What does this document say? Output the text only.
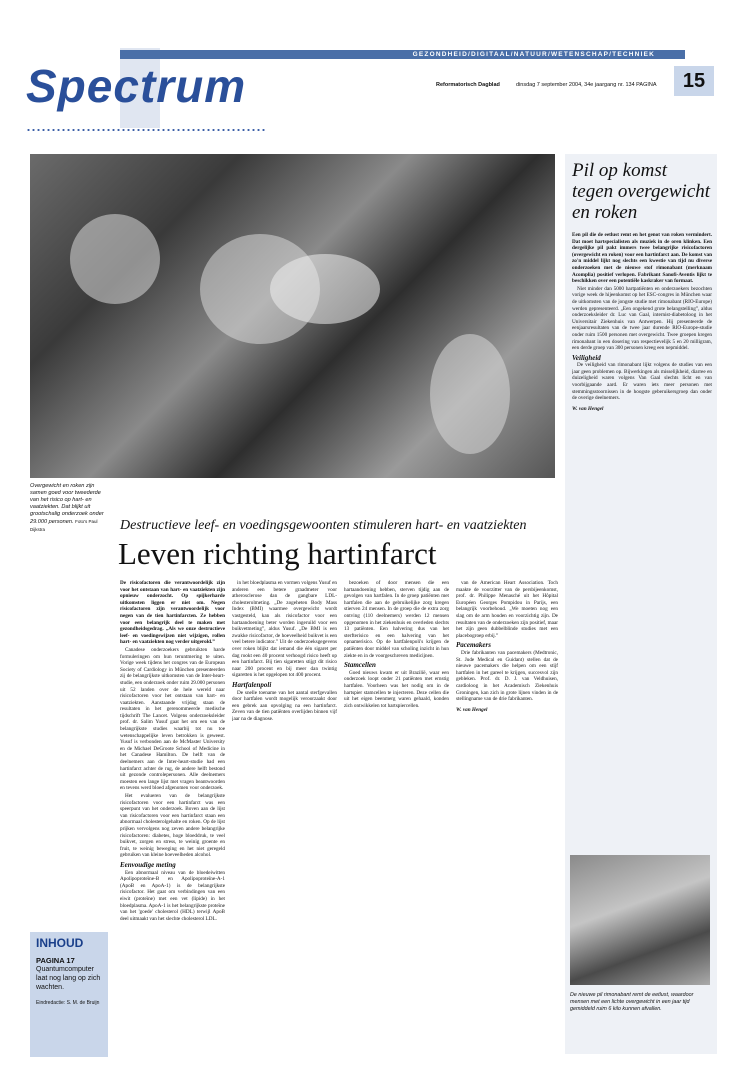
GEZONDHEID/DIGITAAL/NATUUR/WETENSCHAP/TECHNIEK
Spectrum	Reformatorisch Dagblad	dinsdag 7 september 2004, 34e jaargang nr. 134 PAGINA	15
Overgewicht en roken zijn samen goed voor tweederde van het risico op hart- en vaatziekten. Dat blijkt uit grootschalig onderzoek onder 29.000 personen. Foto's Paul Dijkstra	Destructieve leef- en voedingsgewoonten stimuleren hart- en vaatziekten
Leven richting hartinfarct

De risicofactoren die verantwoordelijk zijn voor het ontstaan van hart- en vaatziekten zijn opnieuw onderzocht. Op spijkerharde uitkomsten liggen er niet om. Negen risicofactoren zijn verantwoordelijk voor negen van de tien hartinfarcten. Ze hebben voor een belangrijk deel te maken met gezondheidsgedrag. „Als we onze destructieve leef- en voedingswijzen niet wijzigen, rollen hart- en vaatziekten nog verder uitgerold.”

Canadese onderzoekers gebruikten harde formuleringen om hun teruntmering te uiten. Vorige week tijdens het congres van de European Society of Cardiology in München presenteerden zij de belangrijkste uitkomsten van de Inter-heart-studie, een onderzoek onder ruim 29.000 personen uit 52 landen over de hele wereld naar risicofactoren voor het ontstaan van hart- en vaatziekten. Aanstaande vrijdag staan de resultaten in het gerenommeerde medische tijdschrift The Lancet. Volgens onderzoeksleider prof. dr. Salim Yusuf gaat het om een van de belangrijkste studies waarbij tot nu toe wetenschappelijke leven betrokken is geweest. Yusuf is verbonden aan de McMaster University en de Michael DeGroote School of Medicine in het Canadese Hamilton. De helft van de deelnemers aan de Inter-heart-studie had een hartinfarct achter de rug, de andere helft bestond uit gezonde controlepersonen. Alle deelnemers moesten een lange lijst met vragen beantwoorden en tevens werd bloed afgenomen voor onderzoek.

Het evalueren van de belangrijkste risicofactoren voor een hartinfarct was een speerpunt van het onderzoek. Boven aan de lijst van risicofactoren voor een hartinfarct staan een abnormaal cholesterolgehalte en roken. Op de lijst prijken vervolgens nog zeven andere belangrijke risicofactoren: diabetes, hoge bloeddruk, te veel buikvet, zorgen en stress, te weinig groente en fruit, te weinig beweging en het niet geregeld gebruiken van kleine hoeveelheden alcohol.

Eenvoudige meting

Een abnormaal niveau van de bloedeiwitten Apolipoproteïne-B en Apolipoproteïne-A-1 (ApoB en ApoA-1) is de belangrijkste risicofactor. Het gaat om verbindingen van een eiwit (proteïne) met een vet (lipide) in het bloedplasma. ApoA-1 is het belangrijkste proteïne van het 'goede' cholesterol (HDL) terwijl ApoB deel uitmaakt van het slechte cholesterol LDL.

in het bloedplasma en vormen volgens Yusuf en anderen een betere graadmeter voor atherosclerose dan de gangbare LDL-cholesterolmeting. „De zogeheten Body Mass Index (BMI) waarmee overgewicht wordt vastgesteld, kan als risicofactor voor een hartaandoening beter worden ingeruild voor een buikvetmeting”, aldus Yusuf. „De BMI is een zwakke risicofactor, de hoeveelheid buikvet is een veel betere indicator.” Uit de onderzoeksgegevens over roken blijkt dat iemand die één sigaret per dag rookt een 40 procent verhoogd risico heeft op een hartinfarct. Bij tien sigaretten stijgt dit risico naar 200 procent en bij meer dan twintig sigaretten is het opgelopen tot 400 procent.

Hartfalenpoli

De snelle toename van het aantal sterfgevallen door hartfalen wordt mogelijk veroorzaakt door een gebrek aan opvolging na een hartinfarct. Zeven van de tien patiënten overlijden binnen vijf jaar na de diagnose.

bezoeken of door mensen die een hartaandoening hebben, sterven tijdig aan de gevolgen van hartfalen. In de groep patiënten met hartfalen die aan de gebruikelijke zorg kregen stierven 24 mensen. In de groep die de extra zorg ontving (110 deelnemers) werden 12 mensen opgenomen in het ziekenhuis en overleden slechts 13 patiënten. Een halvering dus van het sterfterisico en een halvering van het opnamerisico. Op de hartfalenpoli's krijgen de patiënten door middel van scholing inzicht in hun ziekte en in de voorgeschreven medicijnen.

Stamcellen

Goed nieuws kwam er uit Brazilië, waar een onderzoek loopt onder 21 patiënten met ernstig hartfalen. Voorheen was het nodig om in de hartspier stamcellen te injecteren. Deze cellen die uit het eigen beenmerg waren gehaald, konden zich ontwikkelen tot hartspiercellen.

van de American Heart Association. Toch maakte de voorzitter van de persbijeenkomst, prof. dr. Philippe Menasché uit het Hôpital Européen Georges Pompidou in Parijs, een belangrijk voorbehoud. „We moeten nog een slag om de arm houden en voorzichtig zijn. De resultaten van de onderzoeken zijn positief, maar het zijn geen dubbelblinde studies met een placebogroep erbij.”

Pacemakers

Drie fabrikanten van pacemakers (Medtronic, St. Jude Medical en Guidant) stellen dat de nieuwe pacemakers die helpen om een stijf hartfalen in het gareel te krijgen, succesvol zijn gebleken. Prof. dr. D. J. van Veldhuisen, cardioloog in het Academisch Ziekenhuis Groningen, kan zich in grote lijnen vinden in de stellingname van de drie fabrikanten.

W. van Hengel
Pil op komst tegen overgewicht en roken

Een pil die de eetlust remt en het genot van roken vermindert. Dat moet hartspecialisten als muziek in de oren klinken. Een dergelijke pil pakt immers twee belangrijke risicofactoren (overgewicht en roken) voor een hartinfarct aan. De komst van zo'n middel lijkt nog slechts een kwestie van tijd nu diverse onderzoeken met de nieuwe stof rimonabant (merknaam Acomplia) positief verlopen. Fabrikant Sanofi-Aventis lijkt te beschikken over een potentiële kaskraker van formaat.

Niet minder dan 5000 hartpatiënten en onderzoekers bezochten vorige week de hijeenkomst op het ESC-congres in München waar de uitkomsten van de jongste studie met rimonabant (RIO-Europe) werden gepresenteerd. „Een ongekend grote belangstelling”, aldus onderzoeksleider dr. Luc van Gaal, internist-diabetoloog in het Universitair Ziekenhuis van Antwerpen. Hij presenteerde de eenjaarsresultaten van de twee jaar durende RIO-Europe-studie onder ruim 1500 personen met overgewicht. Twee groepen kregen rimonabant in een dosering van respectievelijk 5 en 20 milligram, een derde groep van 300 personen kreeg een nepmiddel.

Veiligheid

De veiligheid van rimonabant lijkt volgens de studies van een jaar geen problemen op. Bijwerkingen als misselijkheid, diarree en duizeligheid waren volgens Van Gaal slechts licht en van voorbijgaande aard. Er waren iets meer personen met stemmingsstoornissen in de hoogste geberuikersgroep dan onder de overige deelnemers.

W. van Hengel
De nieuwe pil rimonabant remt de eetlust, waardoor mensen met een lichte overgewicht in een jaar tijd gemiddeld ruim 6 kilo kunnen afvallen.
INHOUD
PAGINA 17
Quantumcomputer laat nog lang op zich wachten.
Eindredactie: S. M. de Bruijn
